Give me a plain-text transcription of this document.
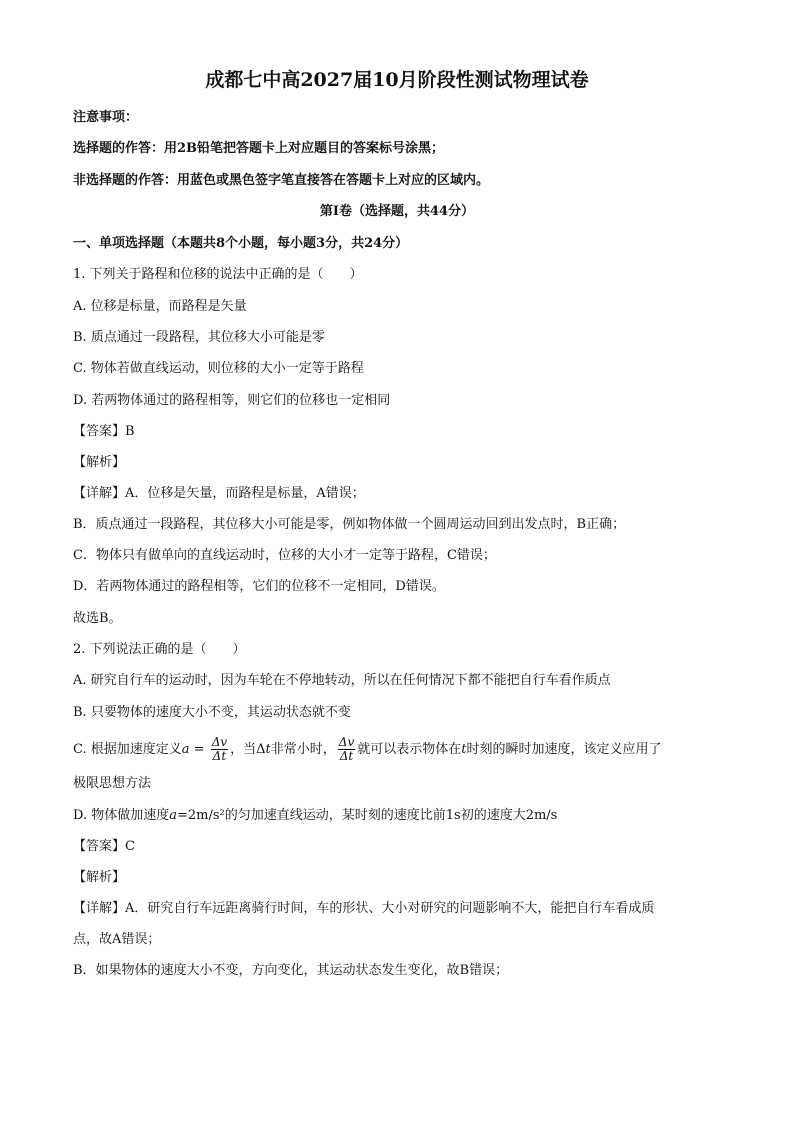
成都七中高2027届10月阶段性测试物理试卷
注意事项：
选择题的作答：用2B铅笔把答题卡上对应题目的答案标号涂黑；
非选择题的作答：用蓝色或黑色签字笔直接答在答题卡上对应的区域内。
第Ⅰ卷（选择题，共44分）
一、单项选择题（本题共8个小题，每小题3分，共24分）
1. 下列关于路程和位移的说法中正确的是（　　）
A. 位移是标量，而路程是矢量
B. 质点通过一段路程，其位移大小可能是零
C. 物体若做直线运动，则位移的大小一定等于路程
D. 若两物体通过的路程相等，则它们的位移也一定相同
【答案】B
【解析】
【详解】A．位移是矢量，而路程是标量，A错误；
B．质点通过一段路程，其位移大小可能是零，例如物体做一个圆周运动回到出发点时，B正确；
C．物体只有做单向的直线运动时，位移的大小才一定等于路程，C错误；
D．若两物体通过的路程相等，它们的位移不一定相同，D错误。
故选B。
2. 下列说法正确的是（　　）
A. 研究自行车的运动时，因为车轮在不停地转动，所以在任何情况下都不能把自行车看作质点
B. 只要物体的速度大小不变，其运动状态就不变
C. 根据加速度定义$a = \frac{\Delta v}{\Delta t}$ ，当Δt非常小时， $\frac{\Delta v}{\Delta t}$ 就可以表示物体在t时刻的瞬时加速度，该定义应用了
极限思想方法
D. 物体做加速度a=2m/s²的匀加速直线运动，某时刻的速度比前1s初的速度大2m/s
【答案】C
【解析】
【详解】A．研究自行车远距离骑行时间，车的形状、大小对研究的问题影响不大，能把自行车看成质
点，故A错误；
B．如果物体的速度大小不变，方向变化，其运动状态发生变化，故B错误；
